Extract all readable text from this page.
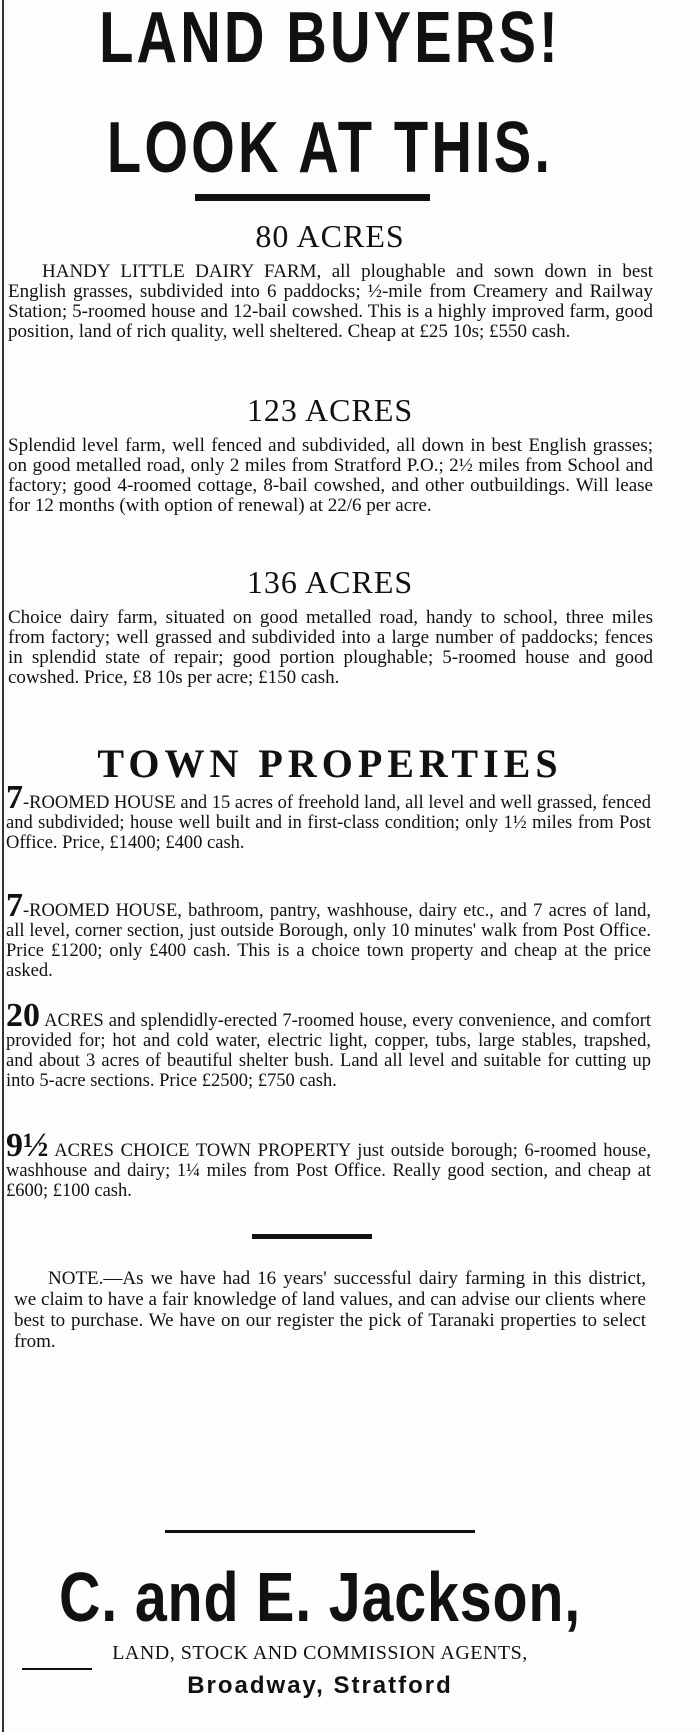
LAND BUYERS!
LOOK AT THIS.
80 ACRES
HANDY LITTLE DAIRY FARM, all ploughable and sown down in best English grasses, subdivided into 6 paddocks; ½-mile from Creamery and Railway Station; 5-roomed house and 12-bail cowshed. This is a highly improved farm, good position, land of rich quality, well sheltered. Cheap at £25 10s; £550 cash.
123 ACRES
Splendid level farm, well fenced and subdivided, all down in best English grasses; on good metalled road, only 2 miles from Stratford P.O.; 2½ miles from School and factory; good 4-roomed cottage, 8-bail cowshed, and other outbuildings. Will lease for 12 months (with option of renewal) at 22/6 per acre.
136 ACRES
Choice dairy farm, situated on good metalled road, handy to school, three miles from factory; well grassed and subdivided into a large number of paddocks; fences in splendid state of repair; good portion ploughable; 5-roomed house and good cowshed. Price, £8 10s per acre; £150 cash.
TOWN PROPERTIES
7-ROOMED HOUSE and 15 acres of freehold land, all level and well grassed, fenced and subdivided; house well built and in first-class condition; only 1½ miles from Post Office. Price, £1400; £400 cash.
7-ROOMED HOUSE, bathroom, pantry, washhouse, dairy etc., and 7 acres of land, all level, corner section, just outside Borough, only 10 minutes' walk from Post Office. Price £1200; only £400 cash. This is a choice town property and cheap at the price asked.
20 ACRES and splendidly-erected 7-roomed house, every convenience, and comfort provided for; hot and cold water, electric light, copper, tubs, large stables, trapshed, and about 3 acres of beautiful shelter bush. Land all level and suitable for cutting up into 5-acre sections. Price £2500; £750 cash.
9½ ACRES CHOICE TOWN PROPERTY just outside borough; 6-roomed house, washhouse and dairy; 1¼ miles from Post Office. Really good section, and cheap at £600; £100 cash.
NOTE.—As we have had 16 years' successful dairy farming in this district, we claim to have a fair knowledge of land values, and can advise our clients where best to purchase. We have on our register the pick of Taranaki properties to select from.
C. and E. Jackson,
LAND, STOCK AND COMMISSION AGENTS,
Broadway, Stratford
